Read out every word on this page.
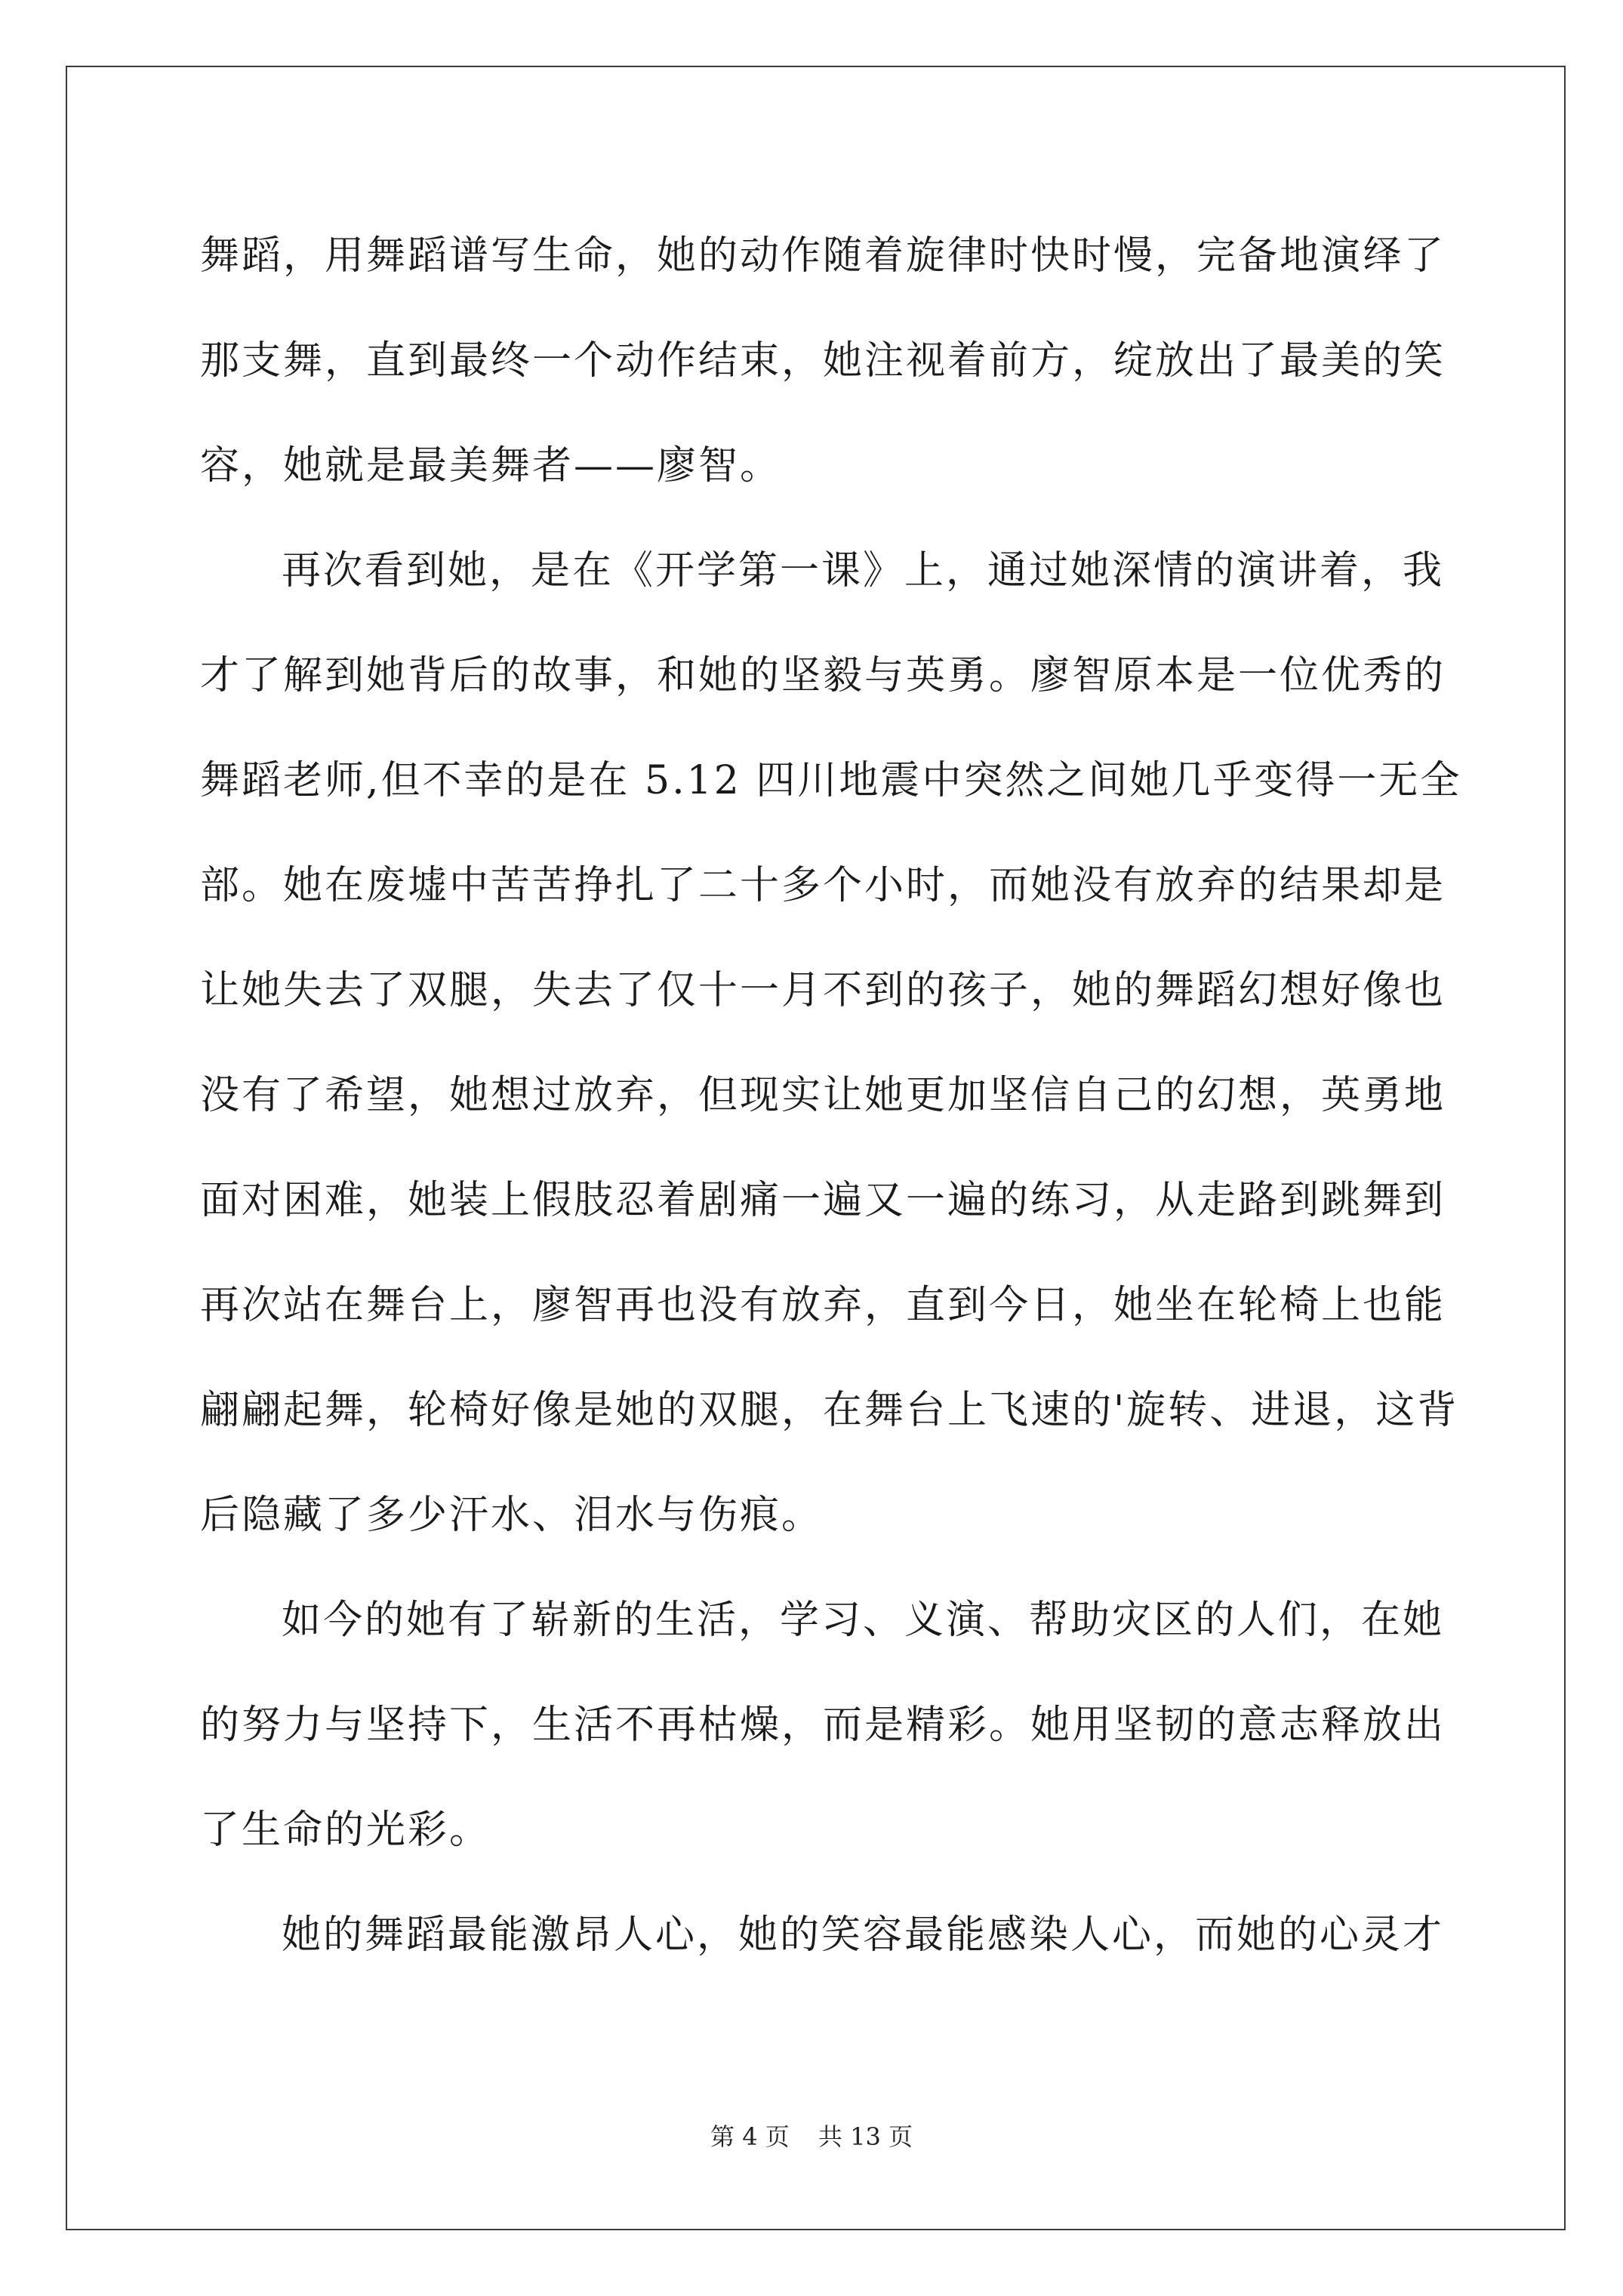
舞蹈，用舞蹈谱写生命，她的动作随着旋律时快时慢，完备地演绎了
那支舞，直到最终一个动作结束，她注视着前方，绽放出了最美的笑
容，她就是最美舞者——廖智。
再次看到她，是在《开学第一课》上，通过她深情的演讲着，我
才了解到她背后的故事，和她的坚毅与英勇。廖智原本是一位优秀的
舞蹈老师,但不幸的是在 5.12 四川地震中突然之间她几乎变得一无全
部。她在废墟中苦苦挣扎了二十多个小时，而她没有放弃的结果却是
让她失去了双腿，失去了仅十一月不到的孩子，她的舞蹈幻想好像也
没有了希望，她想过放弃，但现实让她更加坚信自己的幻想，英勇地
面对困难，她装上假肢忍着剧痛一遍又一遍的练习，从走路到跳舞到
再次站在舞台上，廖智再也没有放弃，直到今日，她坐在轮椅上也能
翩翩起舞，轮椅好像是她的双腿，在舞台上飞速的'旋转、进退，这背
后隐藏了多少汗水、泪水与伤痕。
如今的她有了崭新的生活，学习、义演、帮助灾区的人们，在她
的努力与坚持下，生活不再枯燥，而是精彩。她用坚韧的意志释放出
了生命的光彩。
她的舞蹈最能激昂人心，她的笑容最能感染人心，而她的心灵才
第 4 页 共 13 页
